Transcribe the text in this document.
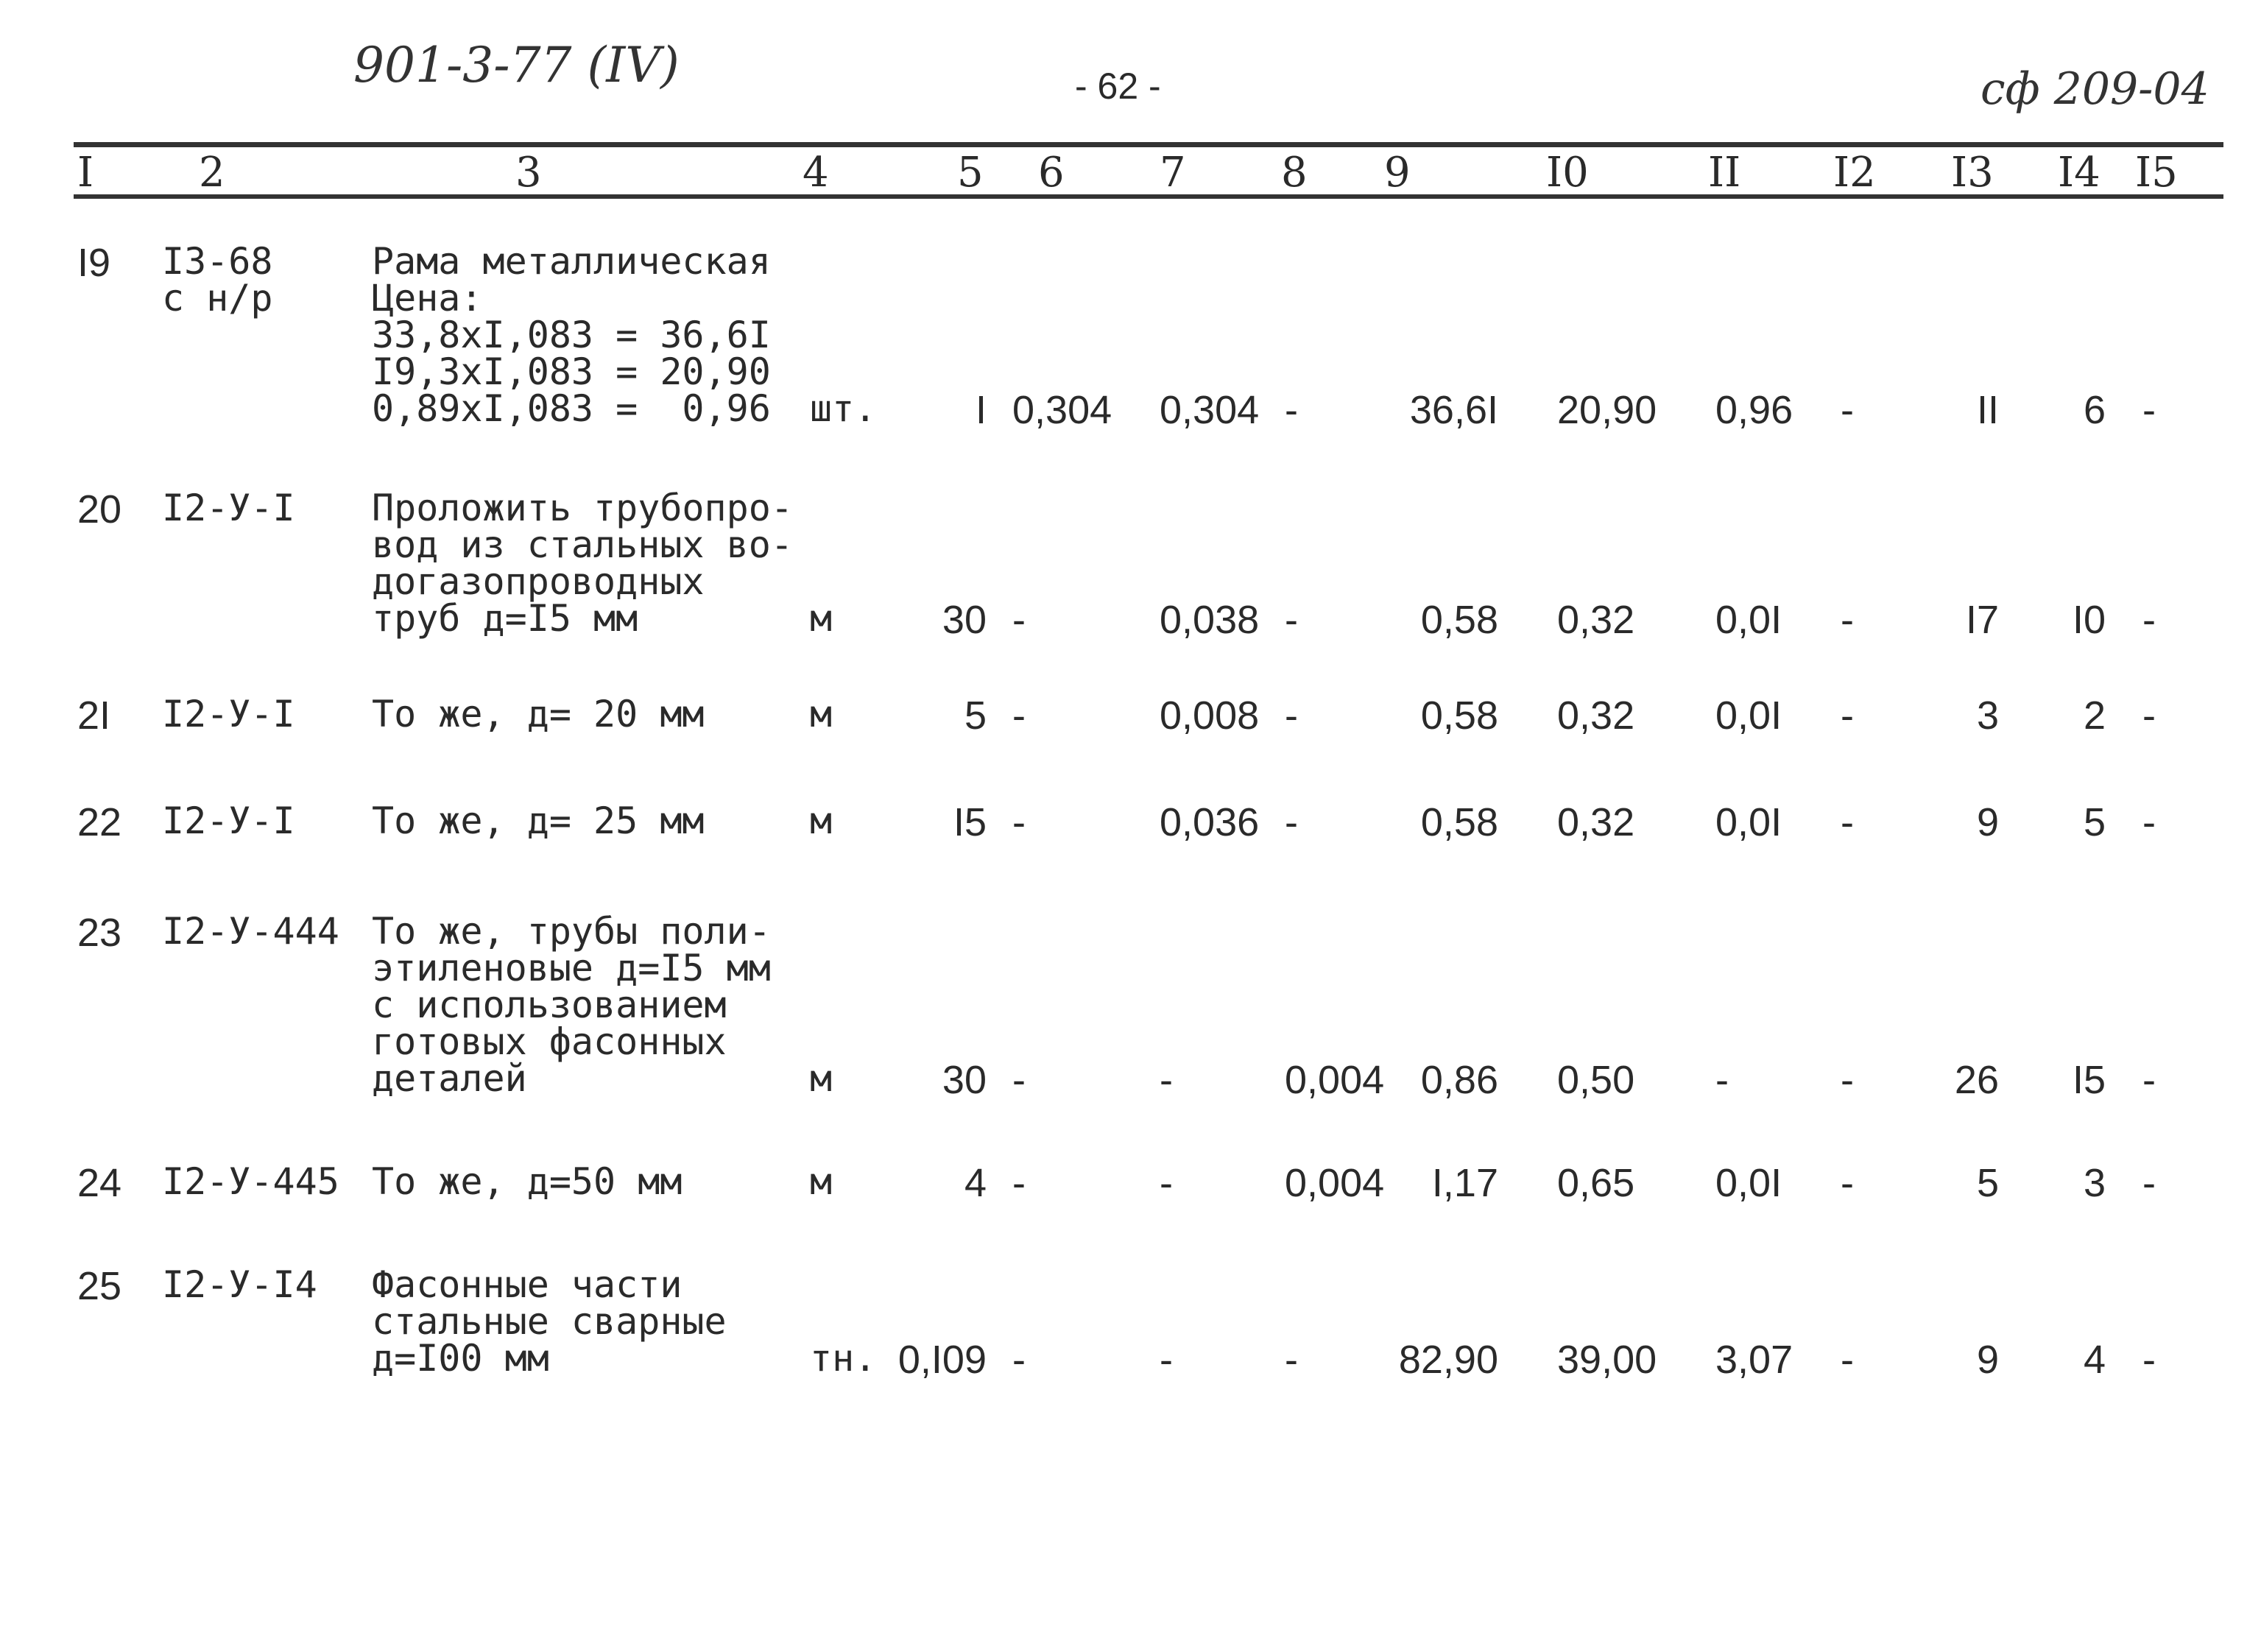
901-3-77 (IV)	- 62 -	сф 209-04
I	2	3	4	5 6 7 8 9	I0	II I2 I3 I4 I5
I9 I3-68
с н/р
Рама металлическая
Цена:
33,8xI,083 = 36,6I
I9,3xI,083 = 20,90
0,89xI,083 =  0,96 шт.	I 0,304 0,304 -	36,6I 20,90 0,96 -	II	6 -
20 I2-У-I Проложить трубопро-
вод из стальных во-
догазопроводных
труб д=I5 мм	м	30 -	0,038 -	0,58 0,32 0,0I -	I7	I0 -
2I I2-У-I То же, д= 20 мм	м	5 -	0,008 -	0,58 0,32 0,0I -	3	2 -
22 I2-У-I То же, д= 25 мм	м	I5 -	0,036 -	0,58 0,32 0,0I -	9	5 -
23 I2-У-444 То же, трубы поли-
этиленовые д=I5 мм
с использованием
готовых фасонных
деталей	м	30 -	-	0,004 0,86 0,50 -	-	26	I5 -
24 I2-У-445 То же, д=50 мм	м	4 -	-	0,004	I,17 0,65 0,0I -	5	3 -
25 I2-У-I4 Фасонные части
стальные сварные
д=I00 мм	тн. 0,I09 -	-	-	82,90 39,00 3,07 -	9	4 -
